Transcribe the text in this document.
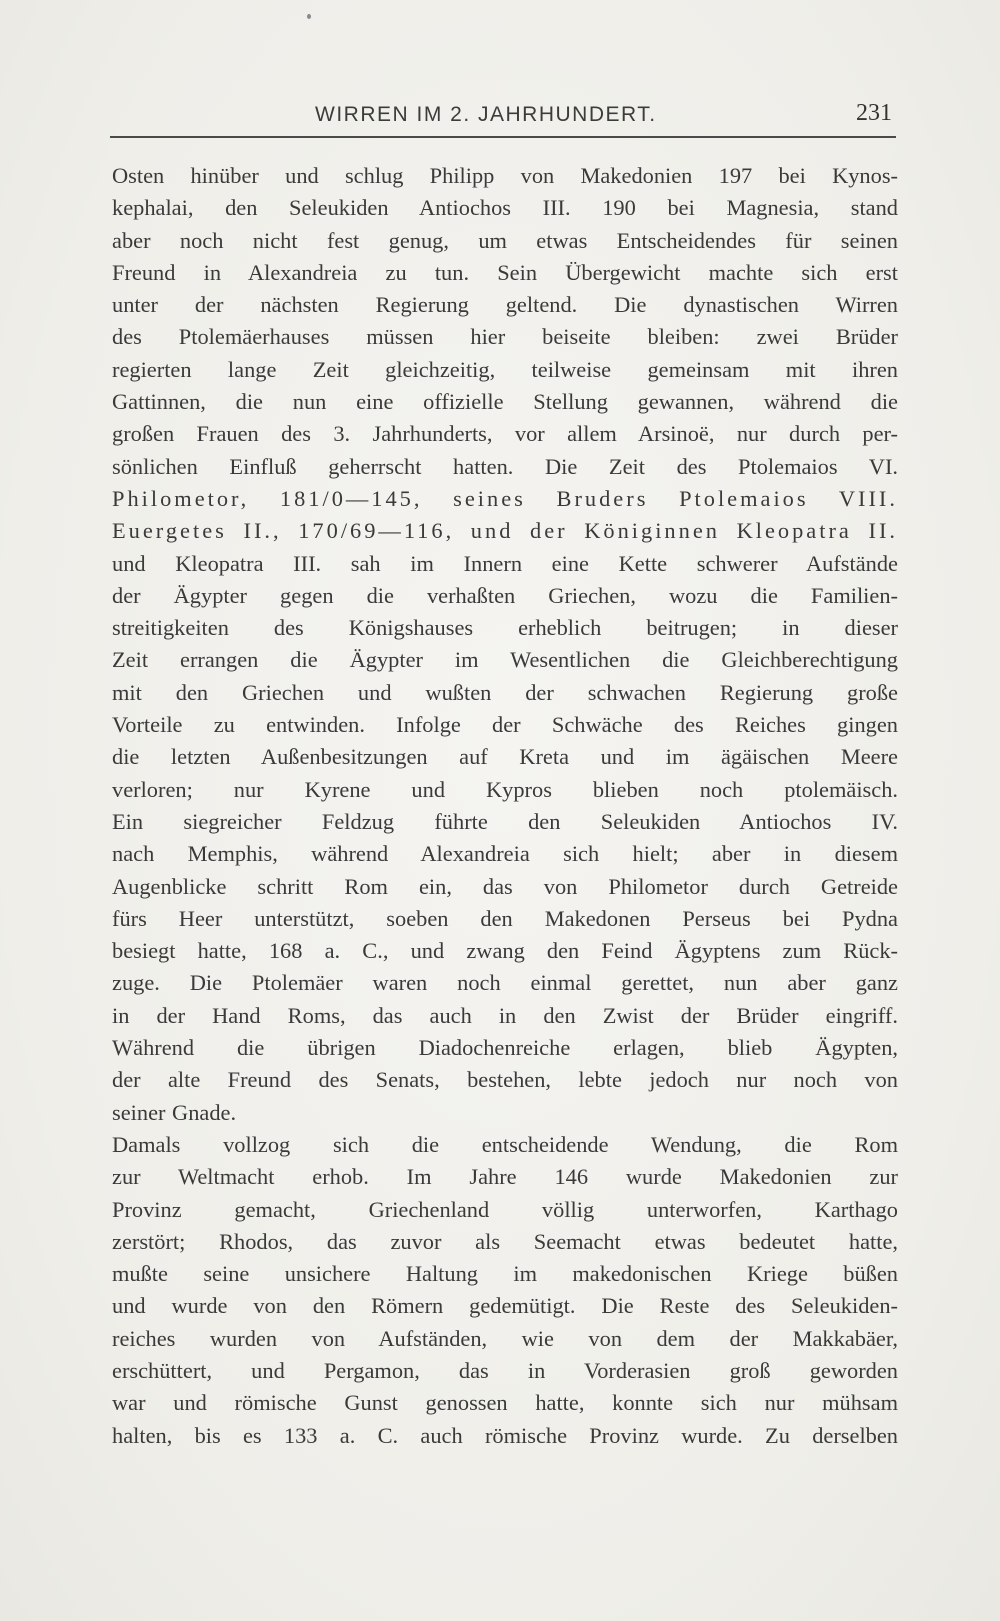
WIRREN IM 2. JAHRHUNDERT.	231
Osten hinüber und schlug Philipp von Makedonien 197 bei Kynos-
kephalai, den Seleukiden Antiochos III. 190 bei Magnesia, stand
aber noch nicht fest genug, um etwas Entscheidendes für seinen
Freund in Alexandreia zu tun. Sein Übergewicht machte sich erst
unter der nächsten Regierung geltend. Die dynastischen Wirren
des Ptolemäerhauses müssen hier beiseite bleiben: zwei Brüder
regierten lange Zeit gleichzeitig, teilweise gemeinsam mit ihren
Gattinnen, die nun eine offizielle Stellung gewannen, während die
großen Frauen des 3. Jahrhunderts, vor allem Arsinoë, nur durch per-
sönlichen Einfluß geherrscht hatten. Die Zeit des Ptolemaios VI.
Philometor, 181/0—145, seines Bruders Ptolemaios VIII.
Euergetes II., 170/69—116, und der Königinnen Kleopatra II.
und Kleopatra III. sah im Innern eine Kette schwerer Aufstände
der Ägypter gegen die verhaßten Griechen, wozu die Familien-
streitigkeiten des Königshauses erheblich beitrugen; in dieser
Zeit errangen die Ägypter im Wesentlichen die Gleichberechtigung
mit den Griechen und wußten der schwachen Regierung große
Vorteile zu entwinden. Infolge der Schwäche des Reiches gingen
die letzten Außenbesitzungen auf Kreta und im ägäischen Meere
verloren; nur Kyrene und Kypros blieben noch ptolemäisch.
Ein siegreicher Feldzug führte den Seleukiden Antiochos IV.
nach Memphis, während Alexandreia sich hielt; aber in diesem
Augenblicke schritt Rom ein, das von Philometor durch Getreide
fürs Heer unterstützt, soeben den Makedonen Perseus bei Pydna
besiegt hatte, 168 a. C., und zwang den Feind Ägyptens zum Rück-
zuge. Die Ptolemäer waren noch einmal gerettet, nun aber ganz
in der Hand Roms, das auch in den Zwist der Brüder eingriff.
Während die übrigen Diadochenreiche erlagen, blieb Ägypten,
der alte Freund des Senats, bestehen, lebte jedoch nur noch von
seiner Gnade.
Damals vollzog sich die entscheidende Wendung, die Rom
zur Weltmacht erhob. Im Jahre 146 wurde Makedonien zur
Provinz gemacht, Griechenland völlig unterworfen, Karthago
zerstört; Rhodos, das zuvor als Seemacht etwas bedeutet hatte,
mußte seine unsichere Haltung im makedonischen Kriege büßen
und wurde von den Römern gedemütigt. Die Reste des Seleukiden-
reiches wurden von Aufständen, wie von dem der Makkabäer,
erschüttert, und Pergamon, das in Vorderasien groß geworden
war und römische Gunst genossen hatte, konnte sich nur mühsam
halten, bis es 133 a. C. auch römische Provinz wurde. Zu derselben
